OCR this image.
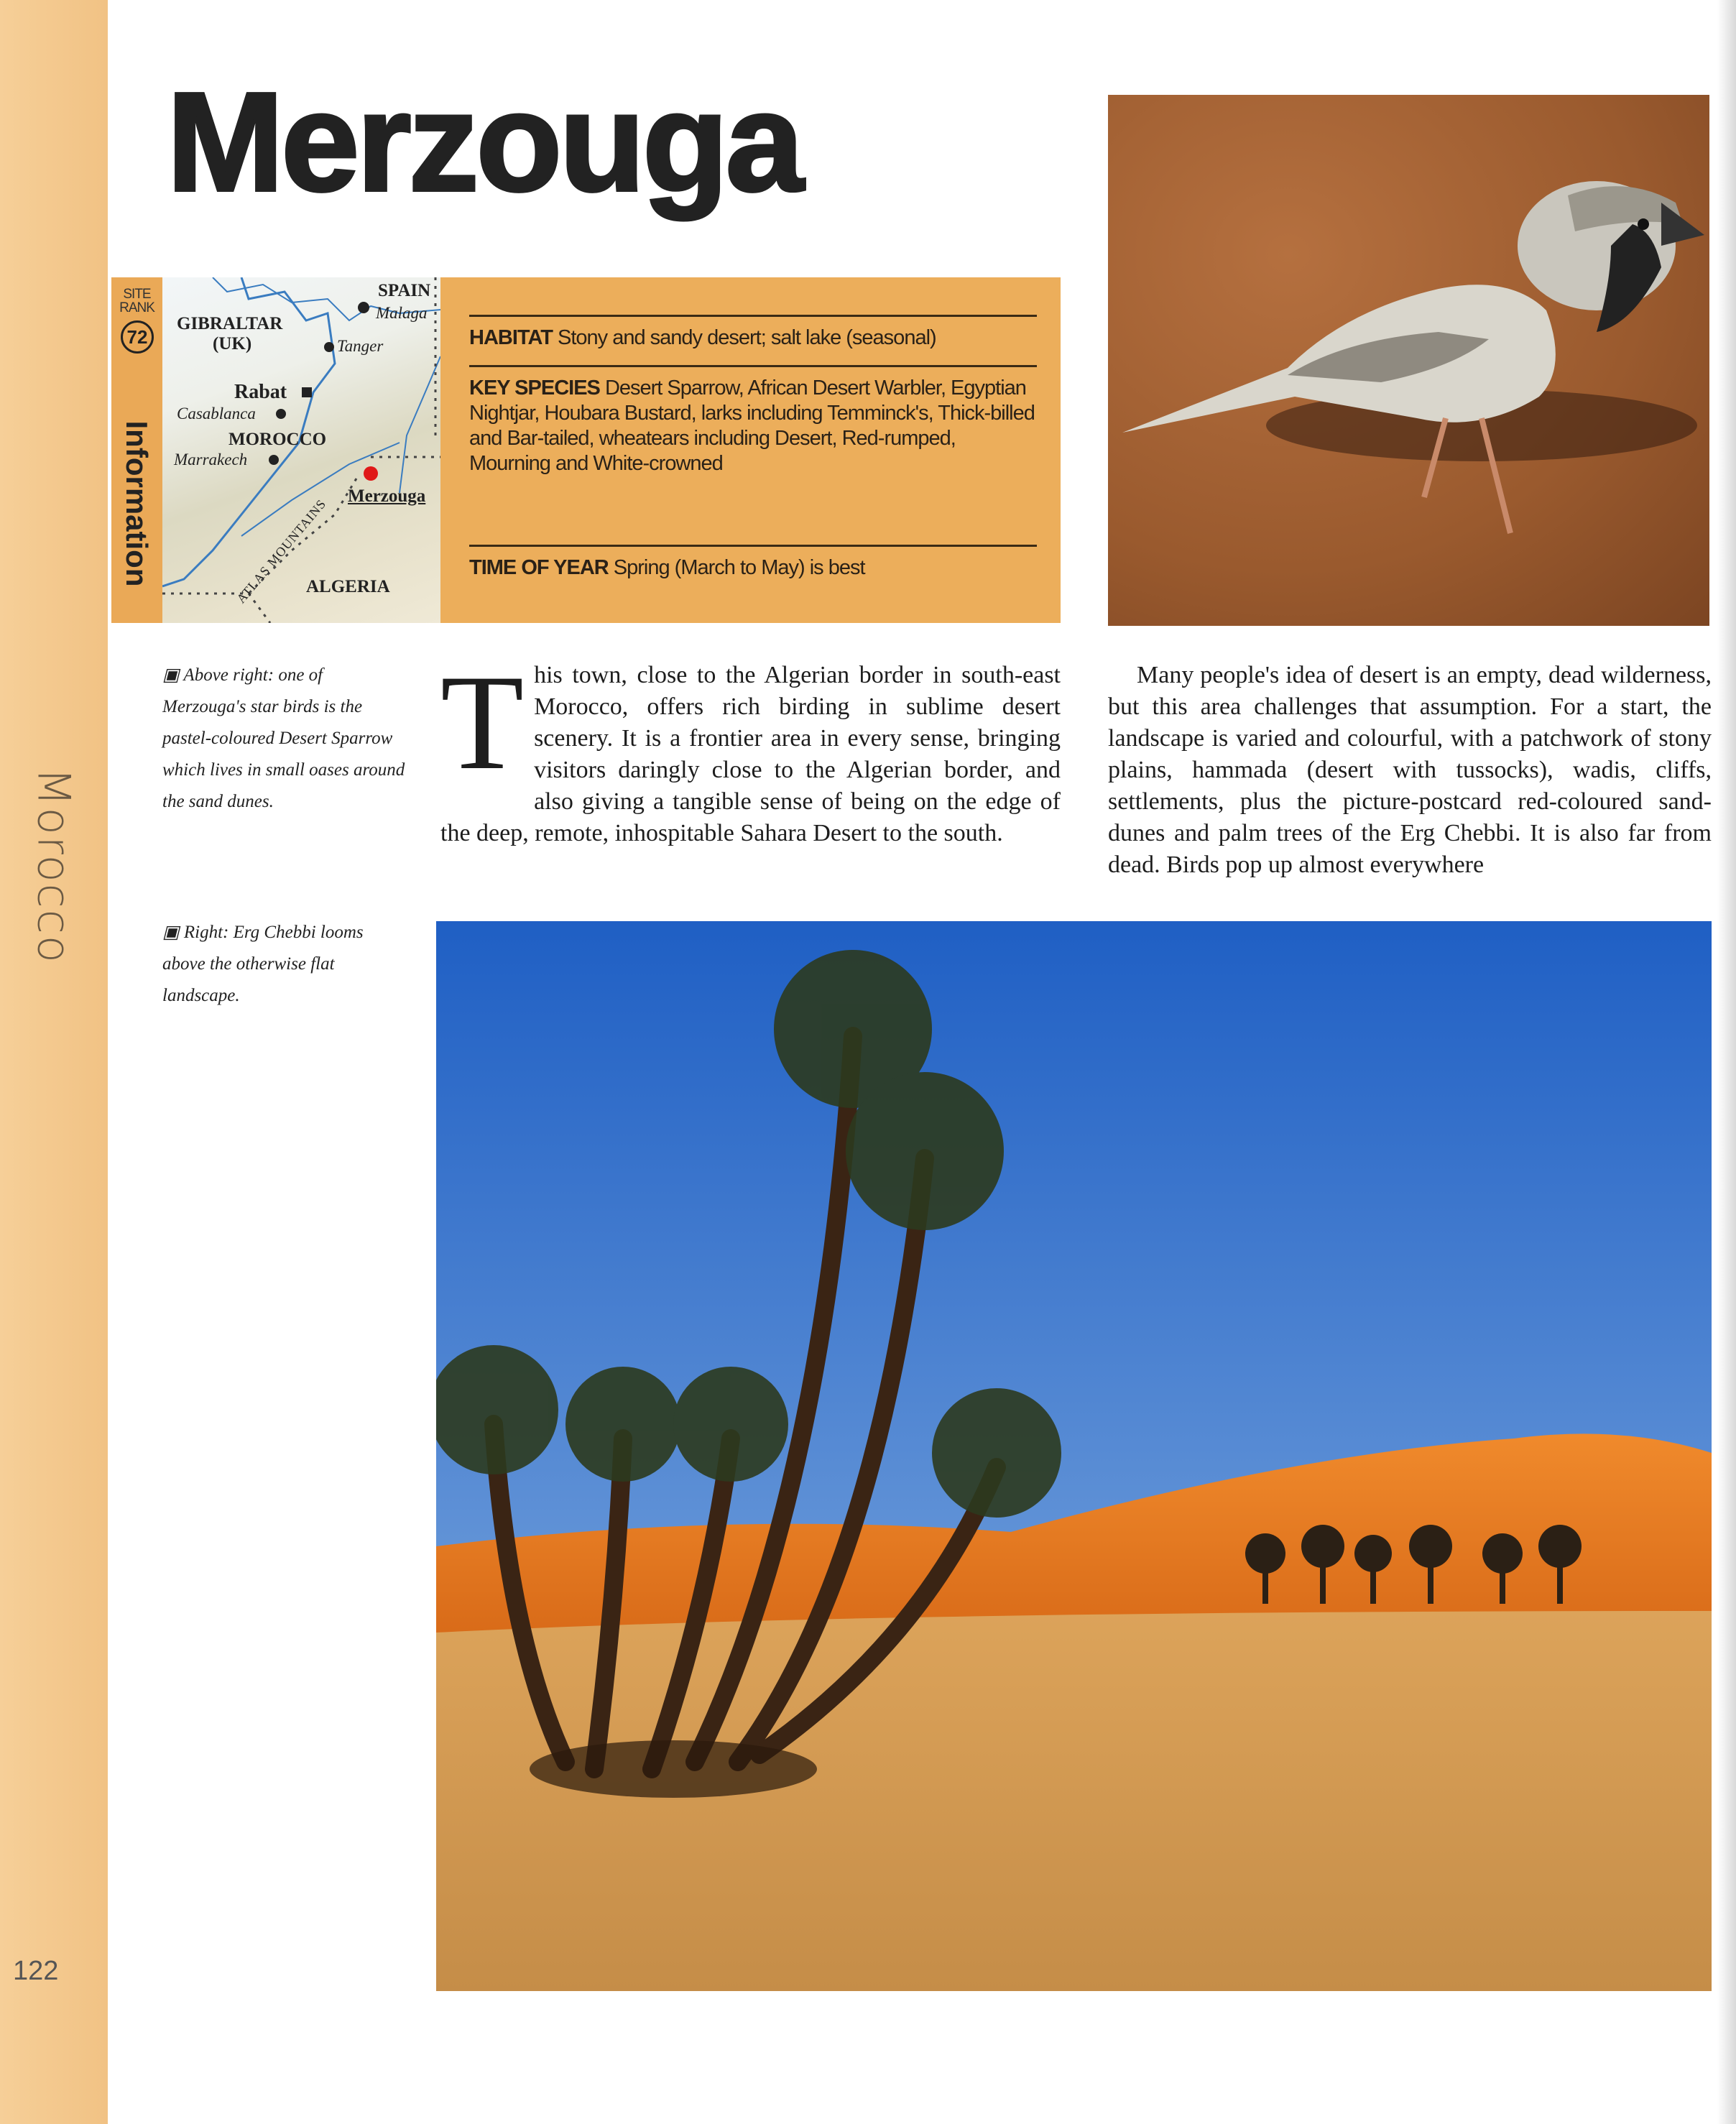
Morocco
122
Merzouga
SITE RANK
72
Information
SPAIN
Malaga
GIBRALTAR
(UK)	Tanger
Rabat
Casablanca
MOROCCO
Marrakech
ATLAS MOUNTAINS
Merzouga
ALGERIA
HABITAT Stony and sandy desert; salt lake (seasonal)
KEY SPECIES Desert Sparrow, African Desert Warbler, Egyptian Nightjar, Houbara Bustard, larks including Temminck's, Thick-billed and Bar-tailed, wheatears including Desert, Red-rumped, Mourning and White-crowned
TIME OF YEAR Spring (March to May) is best
▣ Above right: one of Merzouga's star birds is the pastel-coloured Desert Sparrow which lives in small oases around the sand dunes.
▣ Right: Erg Chebbi looms above the otherwise flat landscape.
This town, close to the Algerian border in south-east Morocco, offers rich birding in sublime desert scenery. It is a frontier area in every sense, bringing visitors daringly close to the Algerian border, and also giving a tangible sense of being on the edge of the deep, remote, inhospitable Sahara Desert to the south.
Many people's idea of desert is an empty, dead wilderness, but this area challenges that assumption. For a start, the landscape is varied and colourful, with a patchwork of stony plains, hammada (desert with tussocks), wadis, cliffs, settlements, plus the picture-postcard red-coloured sand-dunes and palm trees of the Erg Chebbi. It is also far from dead. Birds pop up almost everywhere
